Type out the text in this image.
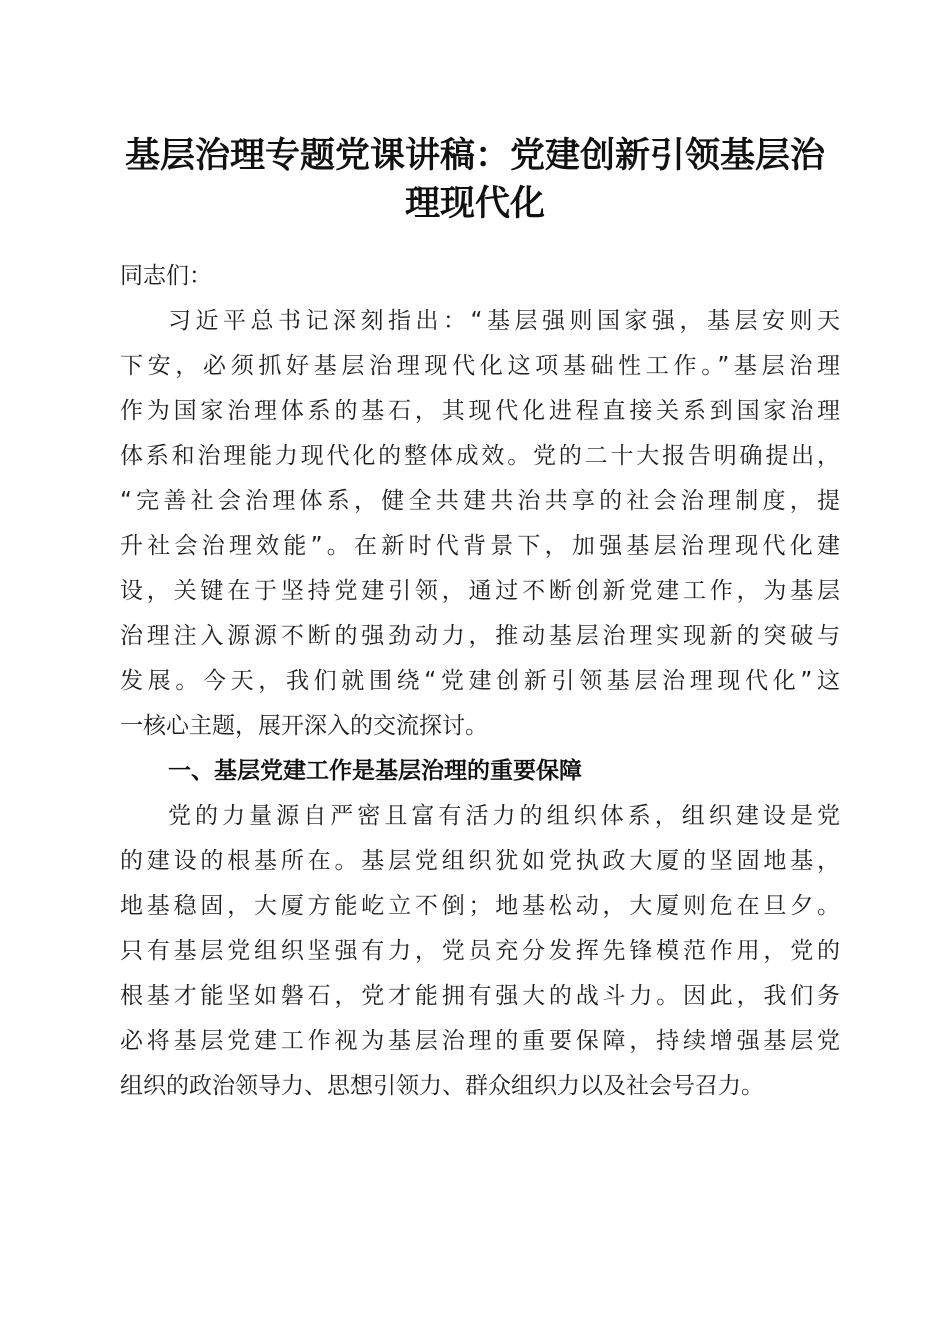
基层治理专题党课讲稿：党建创新引领基层治
理现代化
同志们：
习近平总书记深刻指出：“基层强则国家强，基层安则天
下安，必须抓好基层治理现代化这项基础性工作。”基层治理
作为国家治理体系的基石，其现代化进程直接关系到国家治理
体系和治理能力现代化的整体成效。党的二十大报告明确提出，
“完善社会治理体系，健全共建共治共享的社会治理制度，提
升社会治理效能”。在新时代背景下，加强基层治理现代化建
设，关键在于坚持党建引领，通过不断创新党建工作，为基层
治理注入源源不断的强劲动力，推动基层治理实现新的突破与
发展。今天，我们就围绕“党建创新引领基层治理现代化”这
一核心主题，展开深入的交流探讨。
一、基层党建工作是基层治理的重要保障
党的力量源自严密且富有活力的组织体系，组织建设是党
的建设的根基所在。基层党组织犹如党执政大厦的坚固地基，
地基稳固，大厦方能屹立不倒；地基松动，大厦则危在旦夕。
只有基层党组织坚强有力，党员充分发挥先锋模范作用，党的
根基才能坚如磐石，党才能拥有强大的战斗力。因此，我们务
必将基层党建工作视为基层治理的重要保障，持续增强基层党
组织的政治领导力、思想引领力、群众组织力以及社会号召力。
